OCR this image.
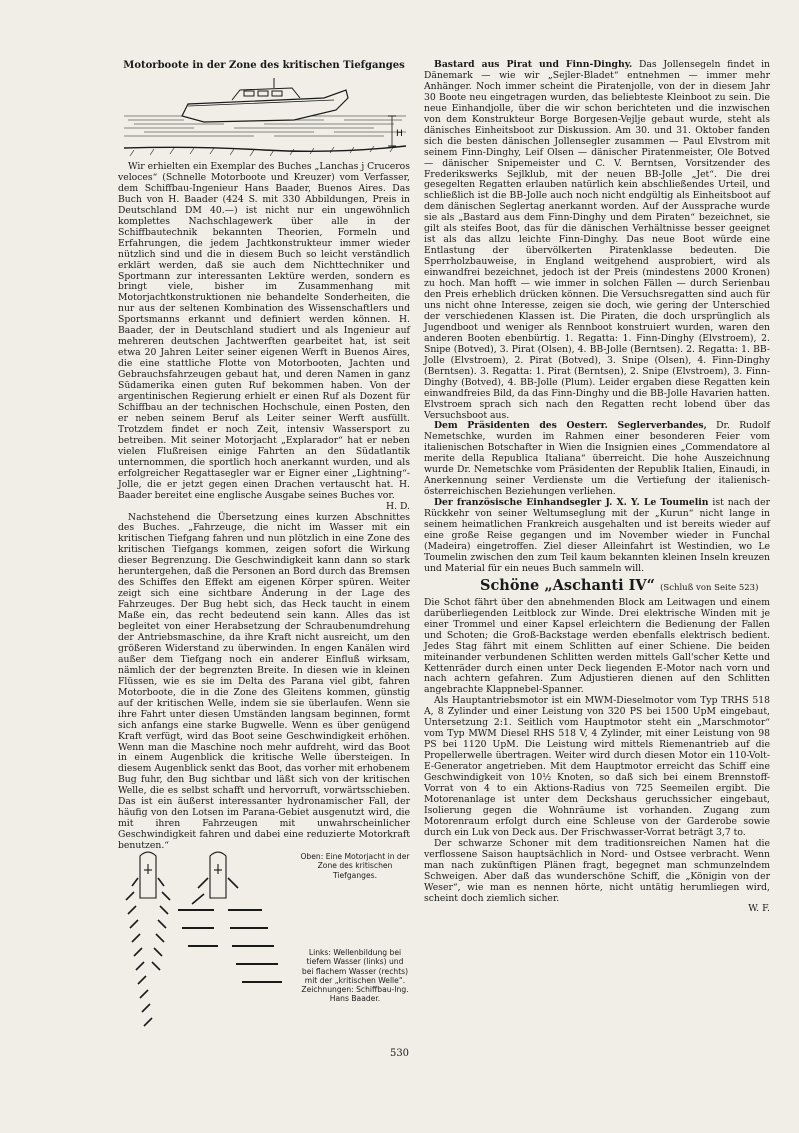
Motorboote in der Zone des kritischen Tiefganges
H

Wir erhielten ein Exemplar des Buches „Lanchas j Cruceros veloces“ (Schnelle Motorboote und Kreuzer) vom Verfasser, dem Schiffbau-Ingenieur Hans Baader, Buenos Aires. Das Buch von H. Baader (424 S. mit 330 Abbildungen, Preis in Deutschland DM 40.—) ist nicht nur ein ungewöhnlich komplettes Nachschlagewerk über alle in der Schiffbautechnik bekannten Theorien, Formeln und Erfahrungen, die jedem Jachtkonstrukteur immer wieder nützlich sind und die in diesem Buch so leicht verständlich erklärt werden, daß sie auch dem Nichttechniker und Sportmann zur interessanten Lektüre werden, sondern es bringt viele, bisher im Zusammenhang mit Motorjachtkonstruktionen nie behandelte Sonderheiten, die nur aus der seltenen Kombination des Wissenschaftlers und Sportsmanns erkannt und definiert werden können. H. Baader, der in Deutschland studiert und als Ingenieur auf mehreren deutschen Jachtwerften gearbeitet hat, ist seit etwa 20 Jahren Leiter seiner eigenen Werft in Buenos Aires, die eine stattliche Flotte von Motorbooten, Jachten und Gebrauchsfahrzeugen gebaut hat, und deren Namen in ganz Südamerika einen guten Ruf bekommen haben. Von der argentinischen Regierung erhielt er einen Ruf als Dozent für Schiffbau an der technischen Hochschule, einen Posten, den er neben seinem Beruf als Leiter seiner Werft ausfüllt. Trotzdem findet er noch Zeit, intensiv Wassersport zu betreiben. Mit seiner Motorjacht „Explarador“ hat er neben vielen Flußreisen einige Fahrten an den Südatlantik unternommen, die sportlich hoch anerkannt wurden, und als erfolgreicher Regattasegler war er Eigner einer „Lightning“-Jolle, die er jetzt gegen einen Drachen vertauscht hat. H. Baader bereitet eine englische Ausgabe seines Buches vor.

H. D.

Nachstehend die Übersetzung eines kurzen Abschnittes des Buches. „Fahrzeuge, die nicht im Wasser mit ein kritischen Tiefgang fahren und nun plötzlich in eine Zone des kritischen Tiefgangs kommen, zeigen sofort die Wirkung dieser Begrenzung. Die Geschwindigkeit kann dann so stark heruntergehen, daß die Personen an Bord durch das Bremsen des Schiffes den Effekt am eigenen Körper spüren. Weiter zeigt sich eine sichtbare Änderung in der Lage des Fahrzeuges. Der Bug hebt sich, das Heck taucht in einem Maße ein, das recht bedeutend sein kann. Alles das ist begleitet von einer Herabsetzung der Schraubenumdrehung der Antriebsmaschine, da ihre Kraft nicht ausreicht, um den größeren Widerstand zu überwinden. In engen Kanälen wird außer dem Tiefgang noch ein anderer Einfluß wirksam, nämlich der der begrenzten Breite. In diesen wie in kleinen Flüssen, wie es sie im Delta des Parana viel gibt, fahren Motorboote, die in die Zone des Gleitens kommen, günstig auf der kritischen Welle, indem sie sie überlaufen. Wenn sie ihre Fahrt unter diesen Umständen langsam beginnen, formt sich anfangs eine starke Bugwelle. Wenn es über genügend Kraft verfügt, wird das Boot seine Geschwindigkeit erhöhen. Wenn man die Maschine noch mehr aufdreht, wird das Boot in einem Augenblick die kritische Welle übersteigen. In diesem Augenblick senkt das Boot, das vorher mit erhobenem Bug fuhr, den Bug sichtbar und läßt sich von der kritischen Welle, die es selbst schafft und hervorruft, vorwärtsschieben. Das ist ein äußerst interessanter hydronamischer Fall, der häufig von den Lotsen im Parana-Gebiet ausgenutzt wird, die mit ihren Fahrzeugen mit unwahrscheinlicher Geschwindigkeit fahren und dabei eine reduzierte Motorkraft benutzen.“

Oben: Eine Motorjacht in der Zone des kritischen Tiefganges.
Links: Wellenbildung bei tiefem Wasser (links) und bei flachem Wasser (rechts) mit der „kritischen Welle“. Zeichnungen: Schiffbau-Ing. Hans Baader.

Bastard aus Pirat und Finn-Dinghy. Das Jollensegeln findet in Dänemark — wie wir „Sejler-Bladet“ entnehmen — immer mehr Anhänger. Noch immer scheint die Piratenjolle, von der in diesem Jahr 30 Boote neu eingetragen wurden, das beliebteste Kleinboot zu sein. Die neue Einhandjolle, über die wir schon berichteten und die inzwischen von dem Konstrukteur Borge Borgesen-Vejlje gebaut wurde, steht als dänisches Einheitsboot zur Diskussion. Am 30. und 31. Oktober fanden sich die besten dänischen Jollensegler zusammen — Paul Elvstrom mit seinem Finn-Dinghy, Leif Olsen — dänischer Piratenmeister, Ole Botved — dänischer Snipemeister und C. V. Berntsen, Vorsitzender des Frederikswerks Sejlklub, mit der neuen BB-Jolle „Jet“. Die drei gesegelten Regatten erlauben natürlich kein abschließendes Urteil, und schließlich ist die BB-Jolle auch noch nicht endgültig als Einheitsboot auf dem dänischen Seglertag anerkannt worden. Auf der Aussprache wurde sie als „Bastard aus dem Finn-Dinghy und dem Piraten“ bezeichnet, sie gilt als steifes Boot, das für die dänischen Verhältnisse besser geeignet ist als das allzu leichte Finn-Dinghy. Das neue Boot würde eine Entlastung der übervölkerten Piratenklasse bedeuten. Die Sperrholzbauweise, in England weitgehend ausprobiert, wird als einwandfrei bezeichnet, jedoch ist der Preis (mindestens 2000 Kronen) zu hoch. Man hofft — wie immer in solchen Fällen — durch Serienbau den Preis erheblich drücken können. Die Versuchsregatten sind auch für uns nicht ohne Interesse, zeigen sie doch, wie gering der Unterschied der verschiedenen Klassen ist. Die Piraten, die doch ursprünglich als Jugendboot und weniger als Rennboot konstruiert wurden, waren den anderen Booten ebenbürtig. 1. Regatta: 1. Finn-Dinghy (Elvstroem), 2. Snipe (Botved), 3. Pirat (Olsen), 4. BB-Jolle (Berntsen). 2. Regatta: 1. BB-Jolle (Elvstroem), 2. Pirat (Botved), 3. Snipe (Olsen), 4. Finn-Dinghy (Berntsen). 3. Regatta: 1. Pirat (Berntsen), 2. Snipe (Elvstroem), 3. Finn-Dinghy (Botved), 4. BB-Jolle (Plum). Leider ergaben diese Regatten kein einwandfreies Bild, da das Finn-Dinghy und die BB-Jolle Havarien hatten. Elvstroem sprach sich nach den Regatten recht lobend über das Versuchsboot aus.

Dem Präsidenten des Oesterr. Seglerverbandes, Dr. Rudolf Nemetschke, wurden im Rahmen einer besonderen Feier vom italienischen Botschafter in Wien die Insignien eines „Commendatore al merite della Republica Italiana“ überreicht. Die hohe Auszeichnung wurde Dr. Nemetschke vom Präsidenten der Republik Italien, Einaudi, in Anerkennung seiner Verdienste um die Vertiefung der italienisch-österreichischen Beziehungen verliehen.

Der französische Einhandsegler J. X. Y. Le Toumelin ist nach der Rückkehr von seiner Weltumseglung mit der „Kurun“ nicht lange in seinem heimatlichen Frankreich ausgehalten und ist bereits wieder auf eine große Reise gegangen und im November wieder in Funchal (Madeira) eingetroffen. Ziel dieser Alleinfahrt ist Westindien, wo Le Toumelin zwischen den zum Teil kaum bekannten kleinen Inseln kreuzen und Material für ein neues Buch sammeln will.

Schöne „Aschanti IV“ (Schluß von Seite 523)

Die Schot fährt über den abnehmenden Block am Leitwagen und einem darüberliegenden Leitblock zur Winde. Drei elektrische Winden mit je einer Trommel und einer Kapsel erleichtern die Bedienung der Fallen und Schoten; die Groß-Backstage werden ebenfalls elektrisch bedient. Jedes Stag fährt mit einem Schlitten auf einer Schiene. Die beiden miteinander verbundenen Schlitten werden mittels Gall'scher Kette und Kettenräder durch einen unter Deck liegenden E-Motor nach vorn und nach achtern gefahren. Zum Adjustieren dienen auf den Schlitten angebrachte Klappnebel-Spanner.

Als Hauptantriebsmotor ist ein MWM-Dieselmotor vom Typ TRHS 518 A, 8 Zylinder und einer Leistung von 320 PS bei 1500 UpM eingebaut, Untersetzung 2:1. Seitlich vom Hauptmotor steht ein „Marschmotor“ vom Typ MWM Diesel RHS 518 V, 4 Zylinder, mit einer Leistung von 98 PS bei 1120 UpM. Die Leistung wird mittels Riemenantrieb auf die Propellerwelle übertragen. Weiter wird durch diesen Motor ein 110-Volt-E-Generator angetrieben. Mit dem Hauptmotor erreicht das Schiff eine Geschwindigkeit von 10½ Knoten, so daß sich bei einem Brennstoff-Vorrat von 4 to ein Aktions-Radius von 725 Seemeilen ergibt. Die Motorenanlage ist unter dem Deckshaus geruchssicher eingebaut, Isolierung gegen die Wohnräume ist vorhanden. Zugang zum Motorenraum erfolgt durch eine Schleuse von der Garderobe sowie durch ein Luk von Deck aus. Der Frischwasser-Vorrat beträgt 3,7 to.

Der schwarze Schoner mit dem traditionsreichen Namen hat die verflossene Saison hauptsächlich in Nord- und Ostsee verbracht. Wenn man nach zukünftigen Plänen fragt, begegnet man schmunzelndem Schweigen. Aber daß das wunderschöne Schiff, die „Königin von der Weser“, wie man es nennen hörte, nicht untätig herumliegen wird, scheint doch ziemlich sicher.

W. F.
530
